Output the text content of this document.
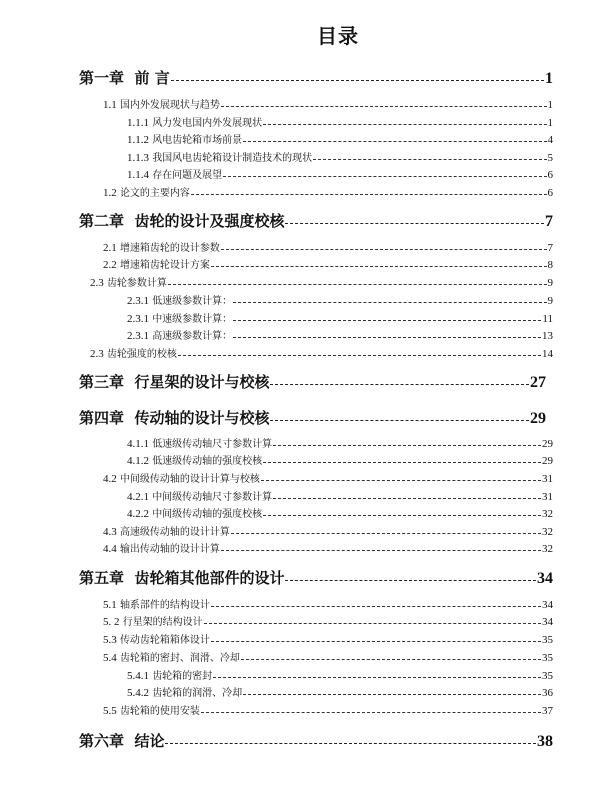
目录
第一章 前 言	1
1.1 国内外发展现状与趋势	1
1.1.1 风力发电国内外发展现状	1
1.1.2 风电齿轮箱市场前景	4
1.1.3 我国风电齿轮箱设计制造技术的现状	5
1.1.4 存在问题及展望	6
1.2 论文的主要内容	6
第二章 齿轮的设计及强度校核	7
2.1 增速箱齿轮的设计参数	7
2.2 增速箱齿轮设计方案	8
2.3 齿轮参数计算	9
2.3.1 低速级参数计算：	9
2.3.1 中速级参数计算：	11
2.3.1 高速级参数计算：	13
2.3 齿轮强度的校核	14
第三章 行星架的设计与校核	27
第四章 传动轴的设计与校核	29
4.1.1 低速级传动轴尺寸参数计算	29
4.1.2 低速级传动轴的强度校核	29
4.2 中间级传动轴的设计计算与校核	31
4.2.1 中间级传动轴尺寸参数计算	31
4.2.2 中间级传动轴的强度校核	32
4.3 高速级传动轴的设计计算	32
4.4 输出传动轴的设计计算	32
第五章 齿轮箱其他部件的设计	34
5.1 轴系部件的结构设计	34
5. 2 行星架的结构设计	34
5.3 传动齿轮箱箱体设计	35
5.4 齿轮箱的密封、润滑、冷却	35
5.4.1 齿轮箱的密封	35
5.4.2 齿轮箱的润滑、冷却	36
5.5 齿轮箱的使用安装	37
第六章 结论	38
